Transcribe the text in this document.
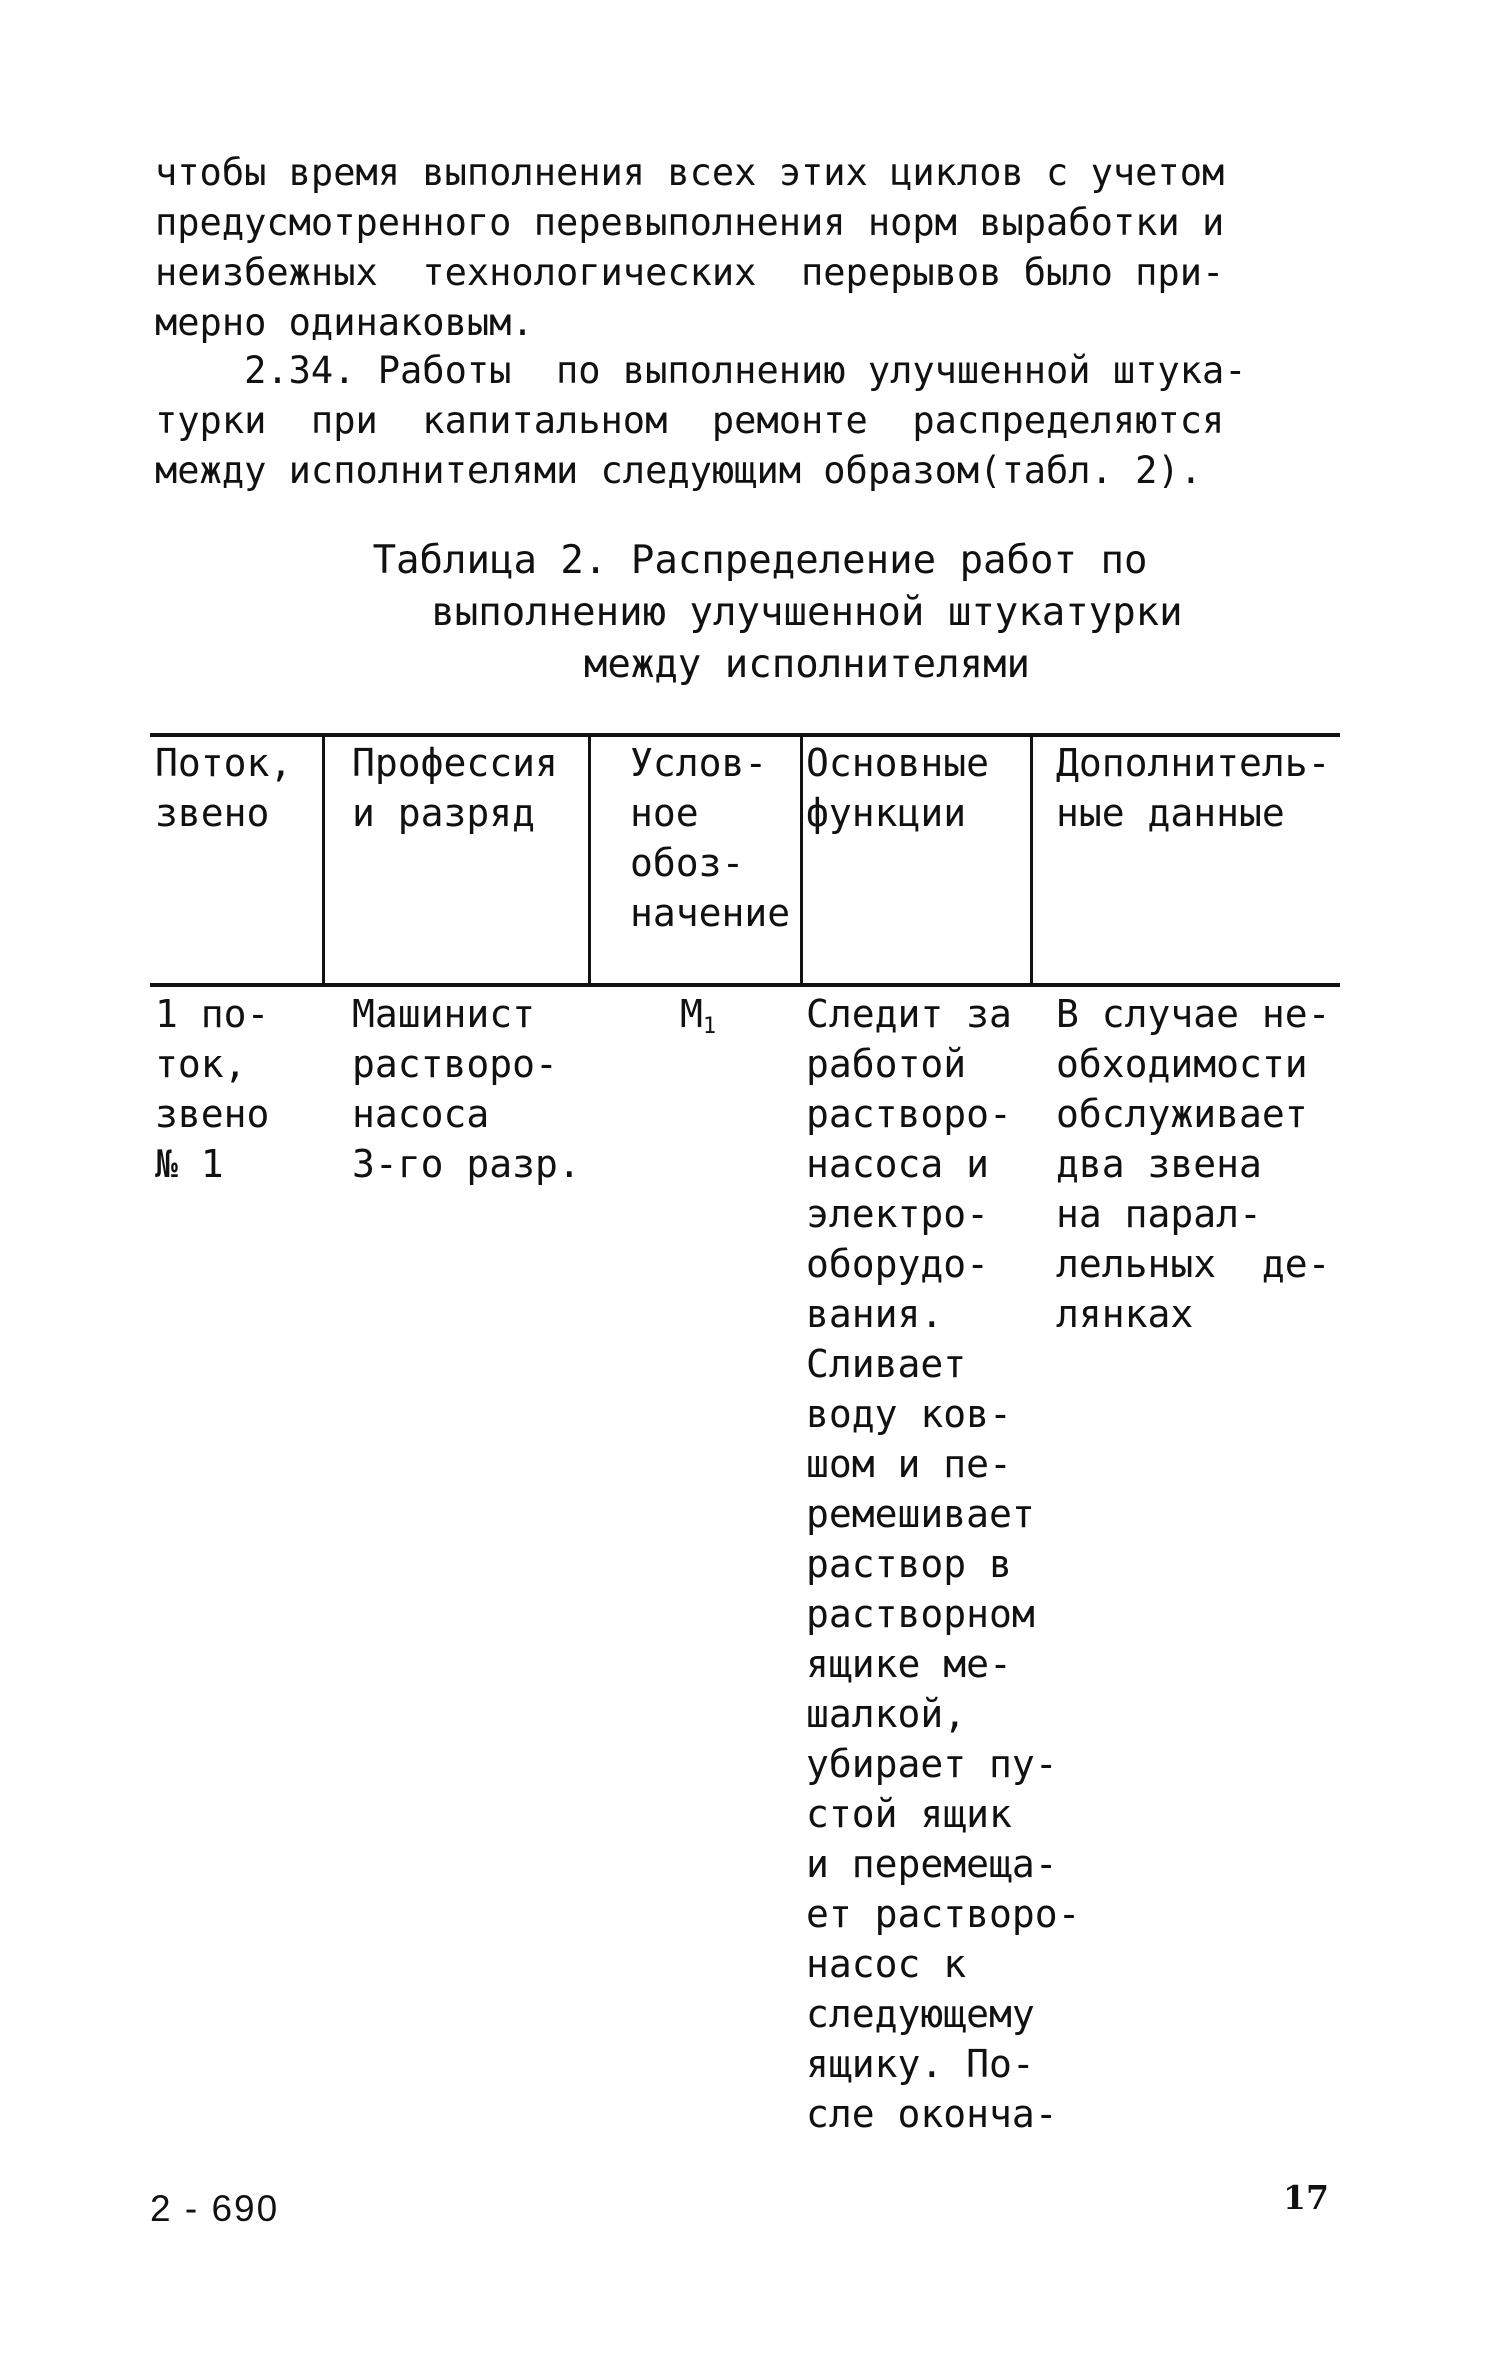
чтобы время выполнения всех этих циклов с учетом
предусмотренного перевыполнения норм выработки и
неизбежных  технологических  перерывов было при-
мерно одинаковым.

2.34. Работы  по выполнению улучшенной штука-
турки  при  капитальном  ремонте  распределяются
между исполнителями следующим образом(табл. 2).

Таблица 2. Распределение работ по
выполнению улучшенной штукатурки
между исполнителями
Поток,
звено
Профессия
и разряд
Услов-
ное
обоз-
начение
Основные
функции
Дополнитель-
ные данные
1 по-
ток,
звено
№ 1
Машинист
растворо-
насоса
3-го разр.
$М_1$ Следит за
работой
растворо-
насоса и
электро-
оборудо-
вания.
Сливает
воду ков-
шом и пе-
ремешивает
раствор в
растворном
ящике ме-
шалкой,
убирает пу-
стой ящик
и перемеща-
ет растворо-
насос к
следующему
ящику. По-
сле оконча-
В случае не-
обходимости
обслуживает
два звена
на парал-
лельных  де-
лянках
17
2 - 690
